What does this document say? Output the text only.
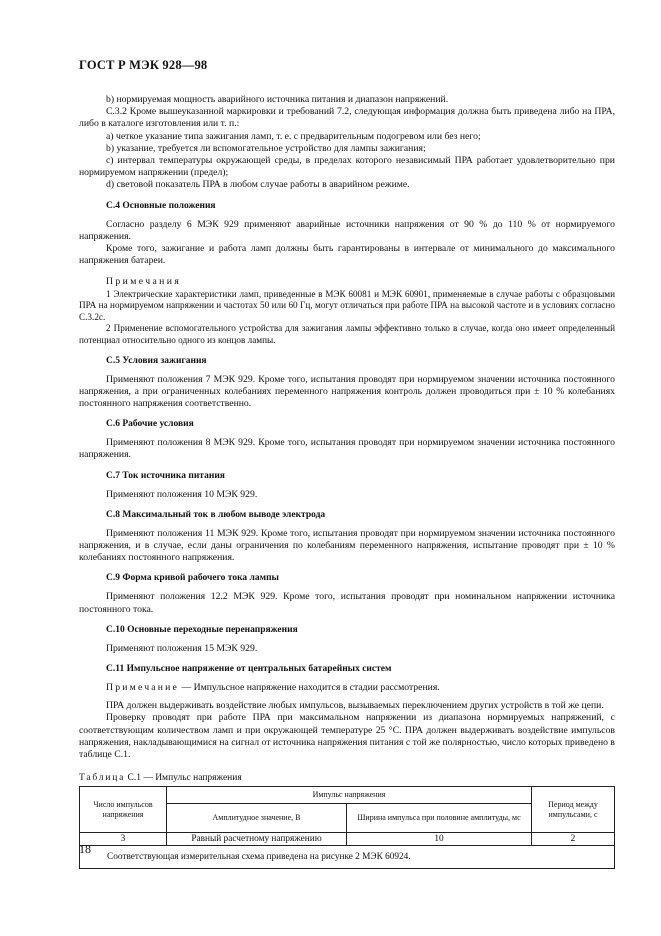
ГОСТ Р МЭК 928—98

b) нормируемая мощность аварийного источника питания и диапазон напряжений.

С.3.2 Кроме вышеуказанной маркировки и требований 7.2, следующая информация должна быть приведена либо на ПРА, либо в каталоге изготовления или т. п.:

а) четкое указание типа зажигания ламп, т. е. с предварительным подогревом или без него;

b) указание, требуется ли вспомогательное устройство для лампы зажигания;

с) интервал температуры окружающей среды, в пределах которого независимый ПРА работает удовлетворительно при нормируемом напряжении (предел);

d) световой показатель ПРА в любом случае работы в аварийном режиме.

С.4 Основные положения

Согласно разделу 6 МЭК 929 применяют аварийные источники напряжения от 90 % до 110 % от нормируемого напряжения.

Кроме того, зажигание и работа ламп должны быть гарантированы в интервале от минимального до максимального напряжения батареи.

Примечания

1 Электрические характеристики ламп, приведенные в МЭК 60081 и МЭК 60901, применяемые в случае работы с образцовыми ПРА на нормируемом напряжении и частотах 50 или 60 Гц, могут отличаться при работе ПРА на высокой частоте и в условиях согласно С.3.2с.

2 Применение вспомогательного устройства для зажигания лампы эффективно только в случае, когда оно имеет определенный потенциал относительно одного из концов лампы.

С.5 Условия зажигания

Применяют положения 7 МЭК 929. Кроме того, испытания проводят при нормируемом значении источника постоянного напряжения, а при ограниченных колебаниях переменного напряжения контроль должен проводиться при ± 10 % колебаниях постоянного напряжения соответственно.

С.6 Рабочие условия

Применяют положения 8 МЭК 929. Кроме того, испытания проводят при нормируемом значении источника постоянного напряжения.

С.7 Ток источника питания

Применяют положения 10 МЭК 929.

С.8 Максимальный ток в любом выводе электрода

Применяют положения 11 МЭК 929. Кроме того, испытания проводят при нормируемом значении источника постоянного напряжения, и в случае, если даны ограничения по колебаниям переменного напряжения, испытание проводят при ± 10 % колебаниях постоянного напряжения.

С.9 Форма кривой рабочего тока лампы

Применяют положения 12.2 МЭК 929. Кроме того, испытания проводят при номинальном напряжении источника постоянного тока.

С.10 Основные переходные перенапряжения

Применяют положения 15 МЭК 929.

С.11 Импульсное напряжение от центральных батарейных систем

Примечание — Импульсное напряжение находится в стадии рассмотрения.

ПРА должен выдерживать воздействие любых импульсов, вызываемых переключением других устройств в той же цепи.

Проверку проводят при работе ПРА при максимальном напряжении из диапазона нормируемых напряжений, с соответствующим количеством ламп и при окружающей температуре 25 °С. ПРА должен выдерживать воздействие импульсов напряжения, накладывающимися на сигнал от источника напряжения питания с той же полярностью, число которых приведено в таблице С.1.

Таблица С.1 — Импульс напряжения
Число импульсов напряжения	Импульс напряжения		Период между импульсами, с
	Амплитудное значение, В	Ширина импульса при половине амплитуды, мс	
3	Равный расчетному напряжению	10	2
Соответствующая измерительная схема приведена на рисунке 2 МЭК 60924.			
18
